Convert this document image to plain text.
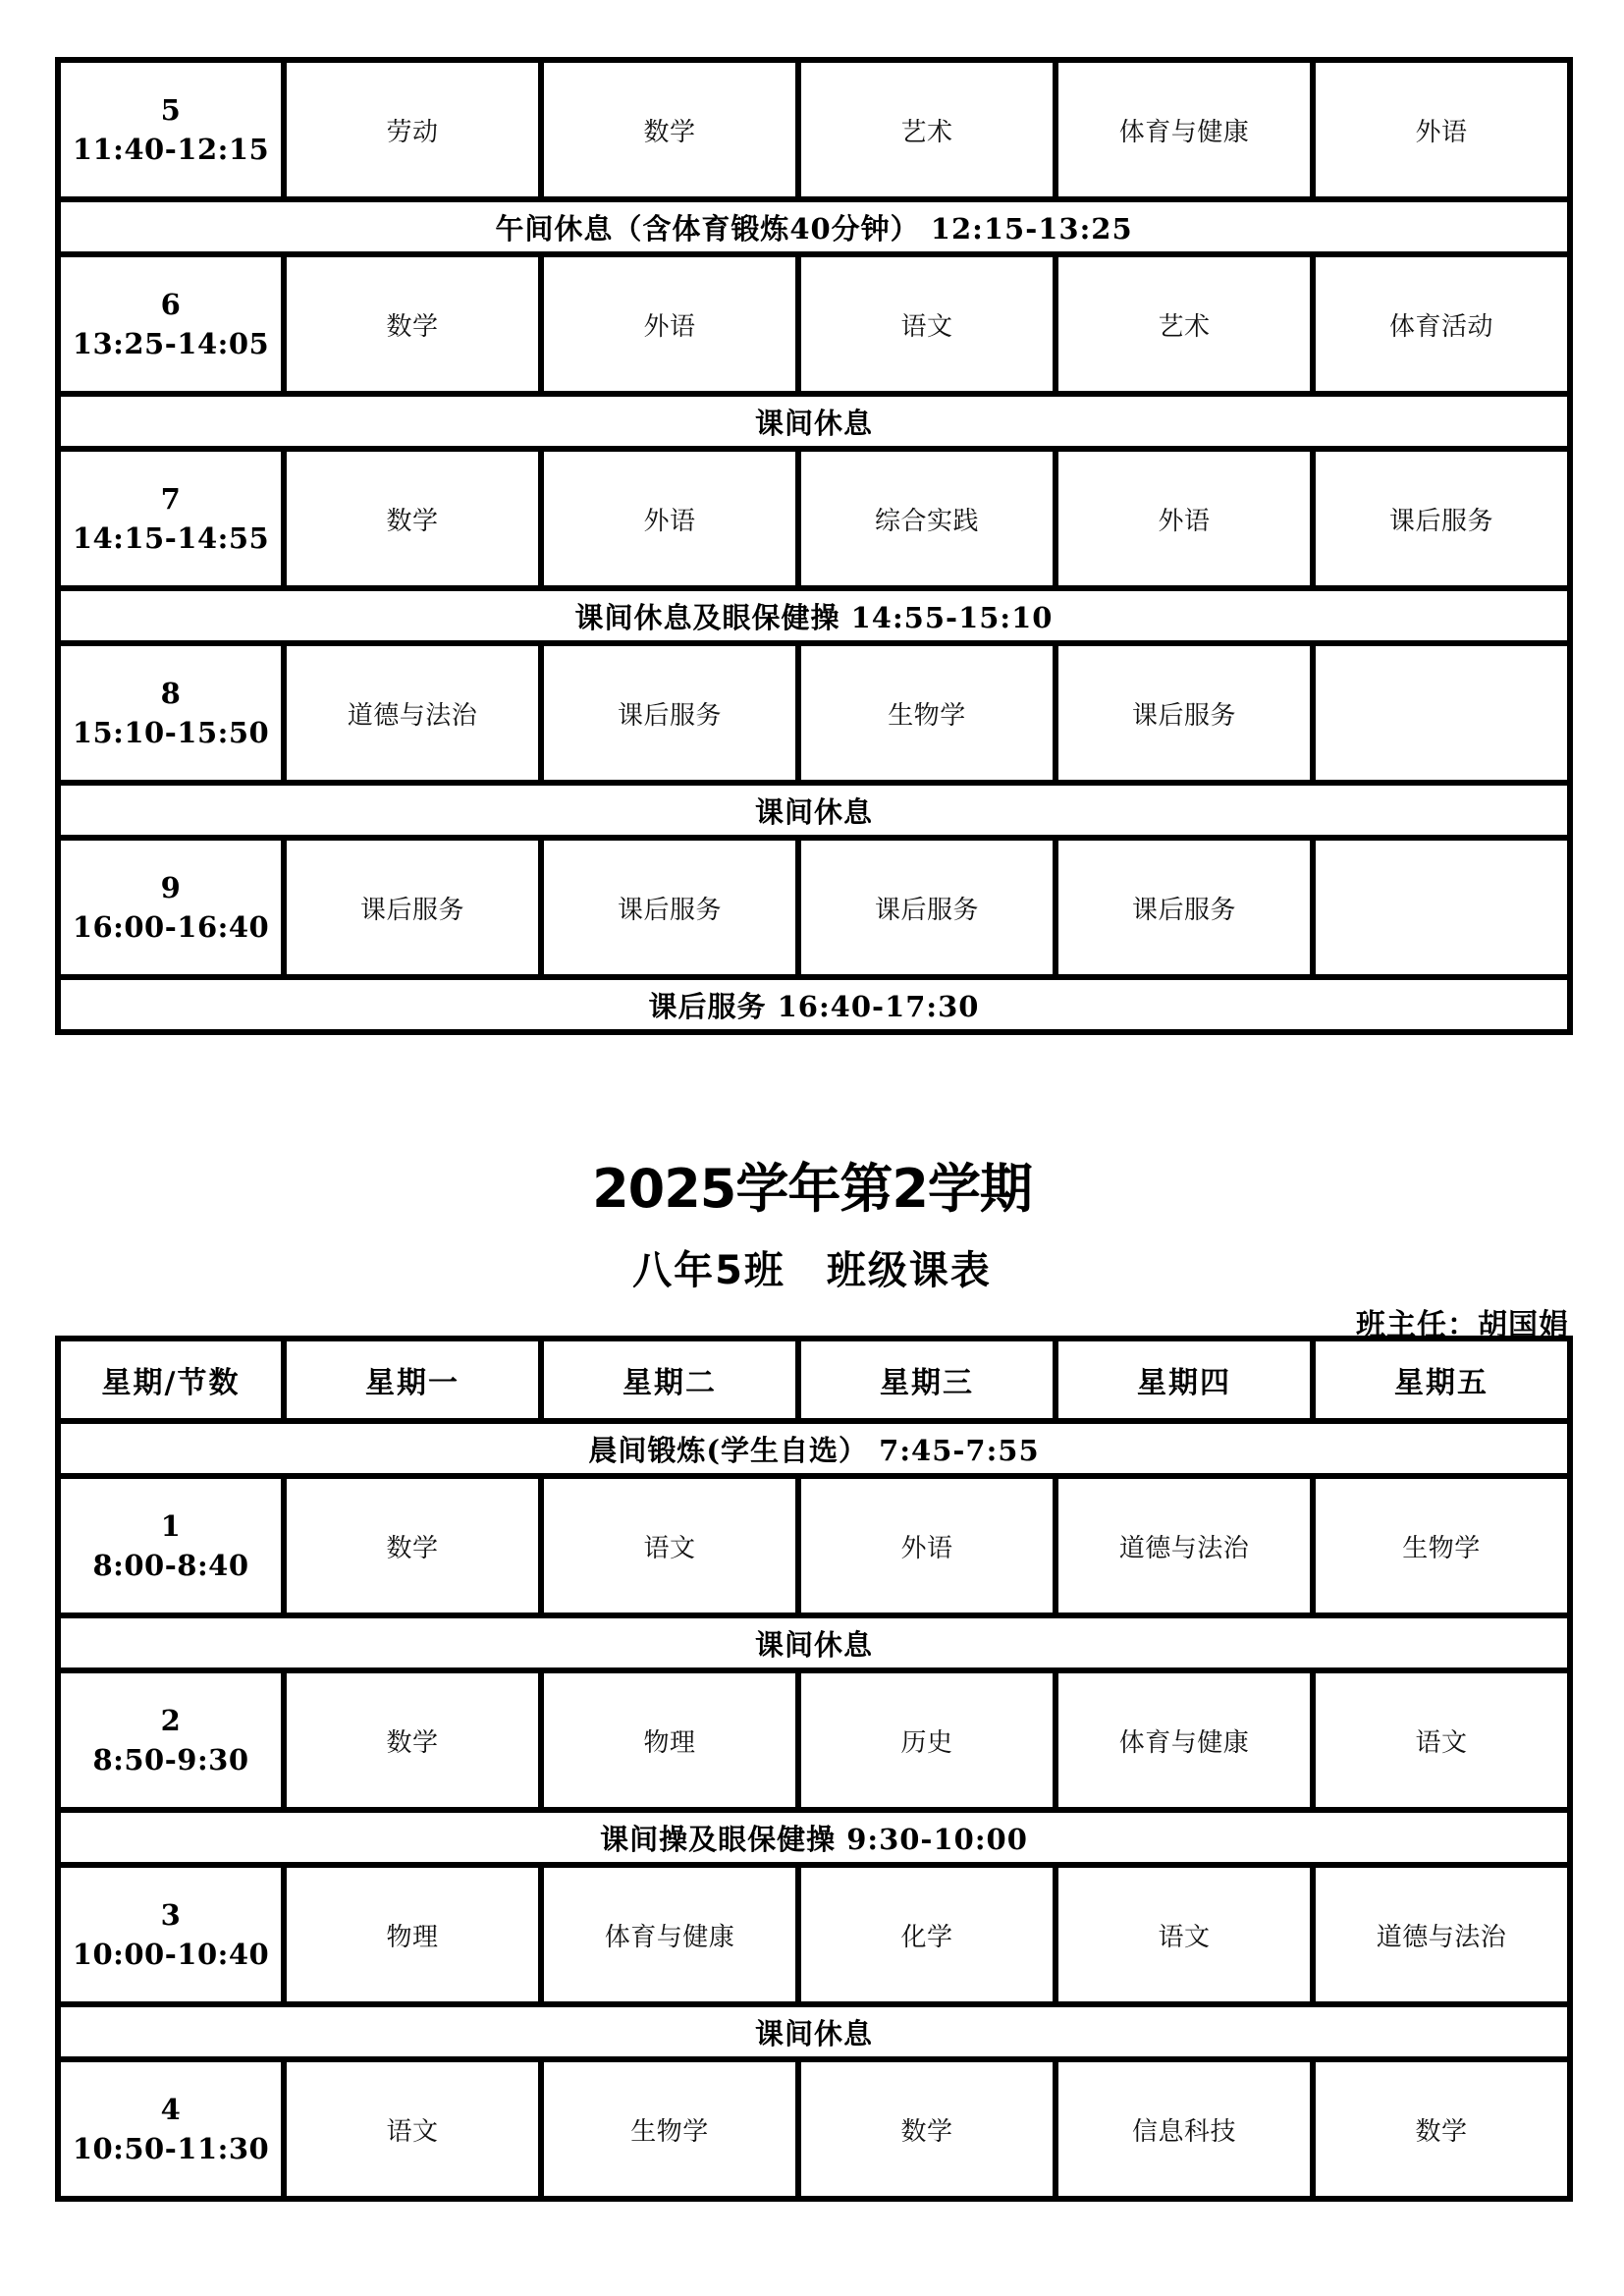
5
11:40-12:15	劳动	数学	艺术	体育与健康	外语
午间休息（含体育锻炼40分钟） 12:15-13:25					

6
13:25-14:05	数学	外语	语文	艺术	体育活动
课间休息					

7
14:15-14:55	数学	外语	综合实践	外语	课后服务
课间休息及眼保健操 14:55-15:10					

8
15:10-15:50	道德与法治	课后服务	生物学	课后服务	
课间休息					

9
16:00-16:40	课后服务	课后服务	课后服务	课后服务	
课后服务 16:40-17:30					
2025学年第2学期
八年5班　班级课表
班主任：胡国娟
星期/节数	星期一	星期二	星期三	星期四	星期五
晨间锻炼(学生自选） 7:45-7:55					

1
8:00-8:40	数学	语文	外语	道德与法治	生物学
课间休息					

2
8:50-9:30	数学	物理	历史	体育与健康	语文
课间操及眼保健操 9:30-10:00					

3
10:00-10:40	物理	体育与健康	化学	语文	道德与法治
课间休息					

4
10:50-11:30	语文	生物学	数学	信息科技	数学
